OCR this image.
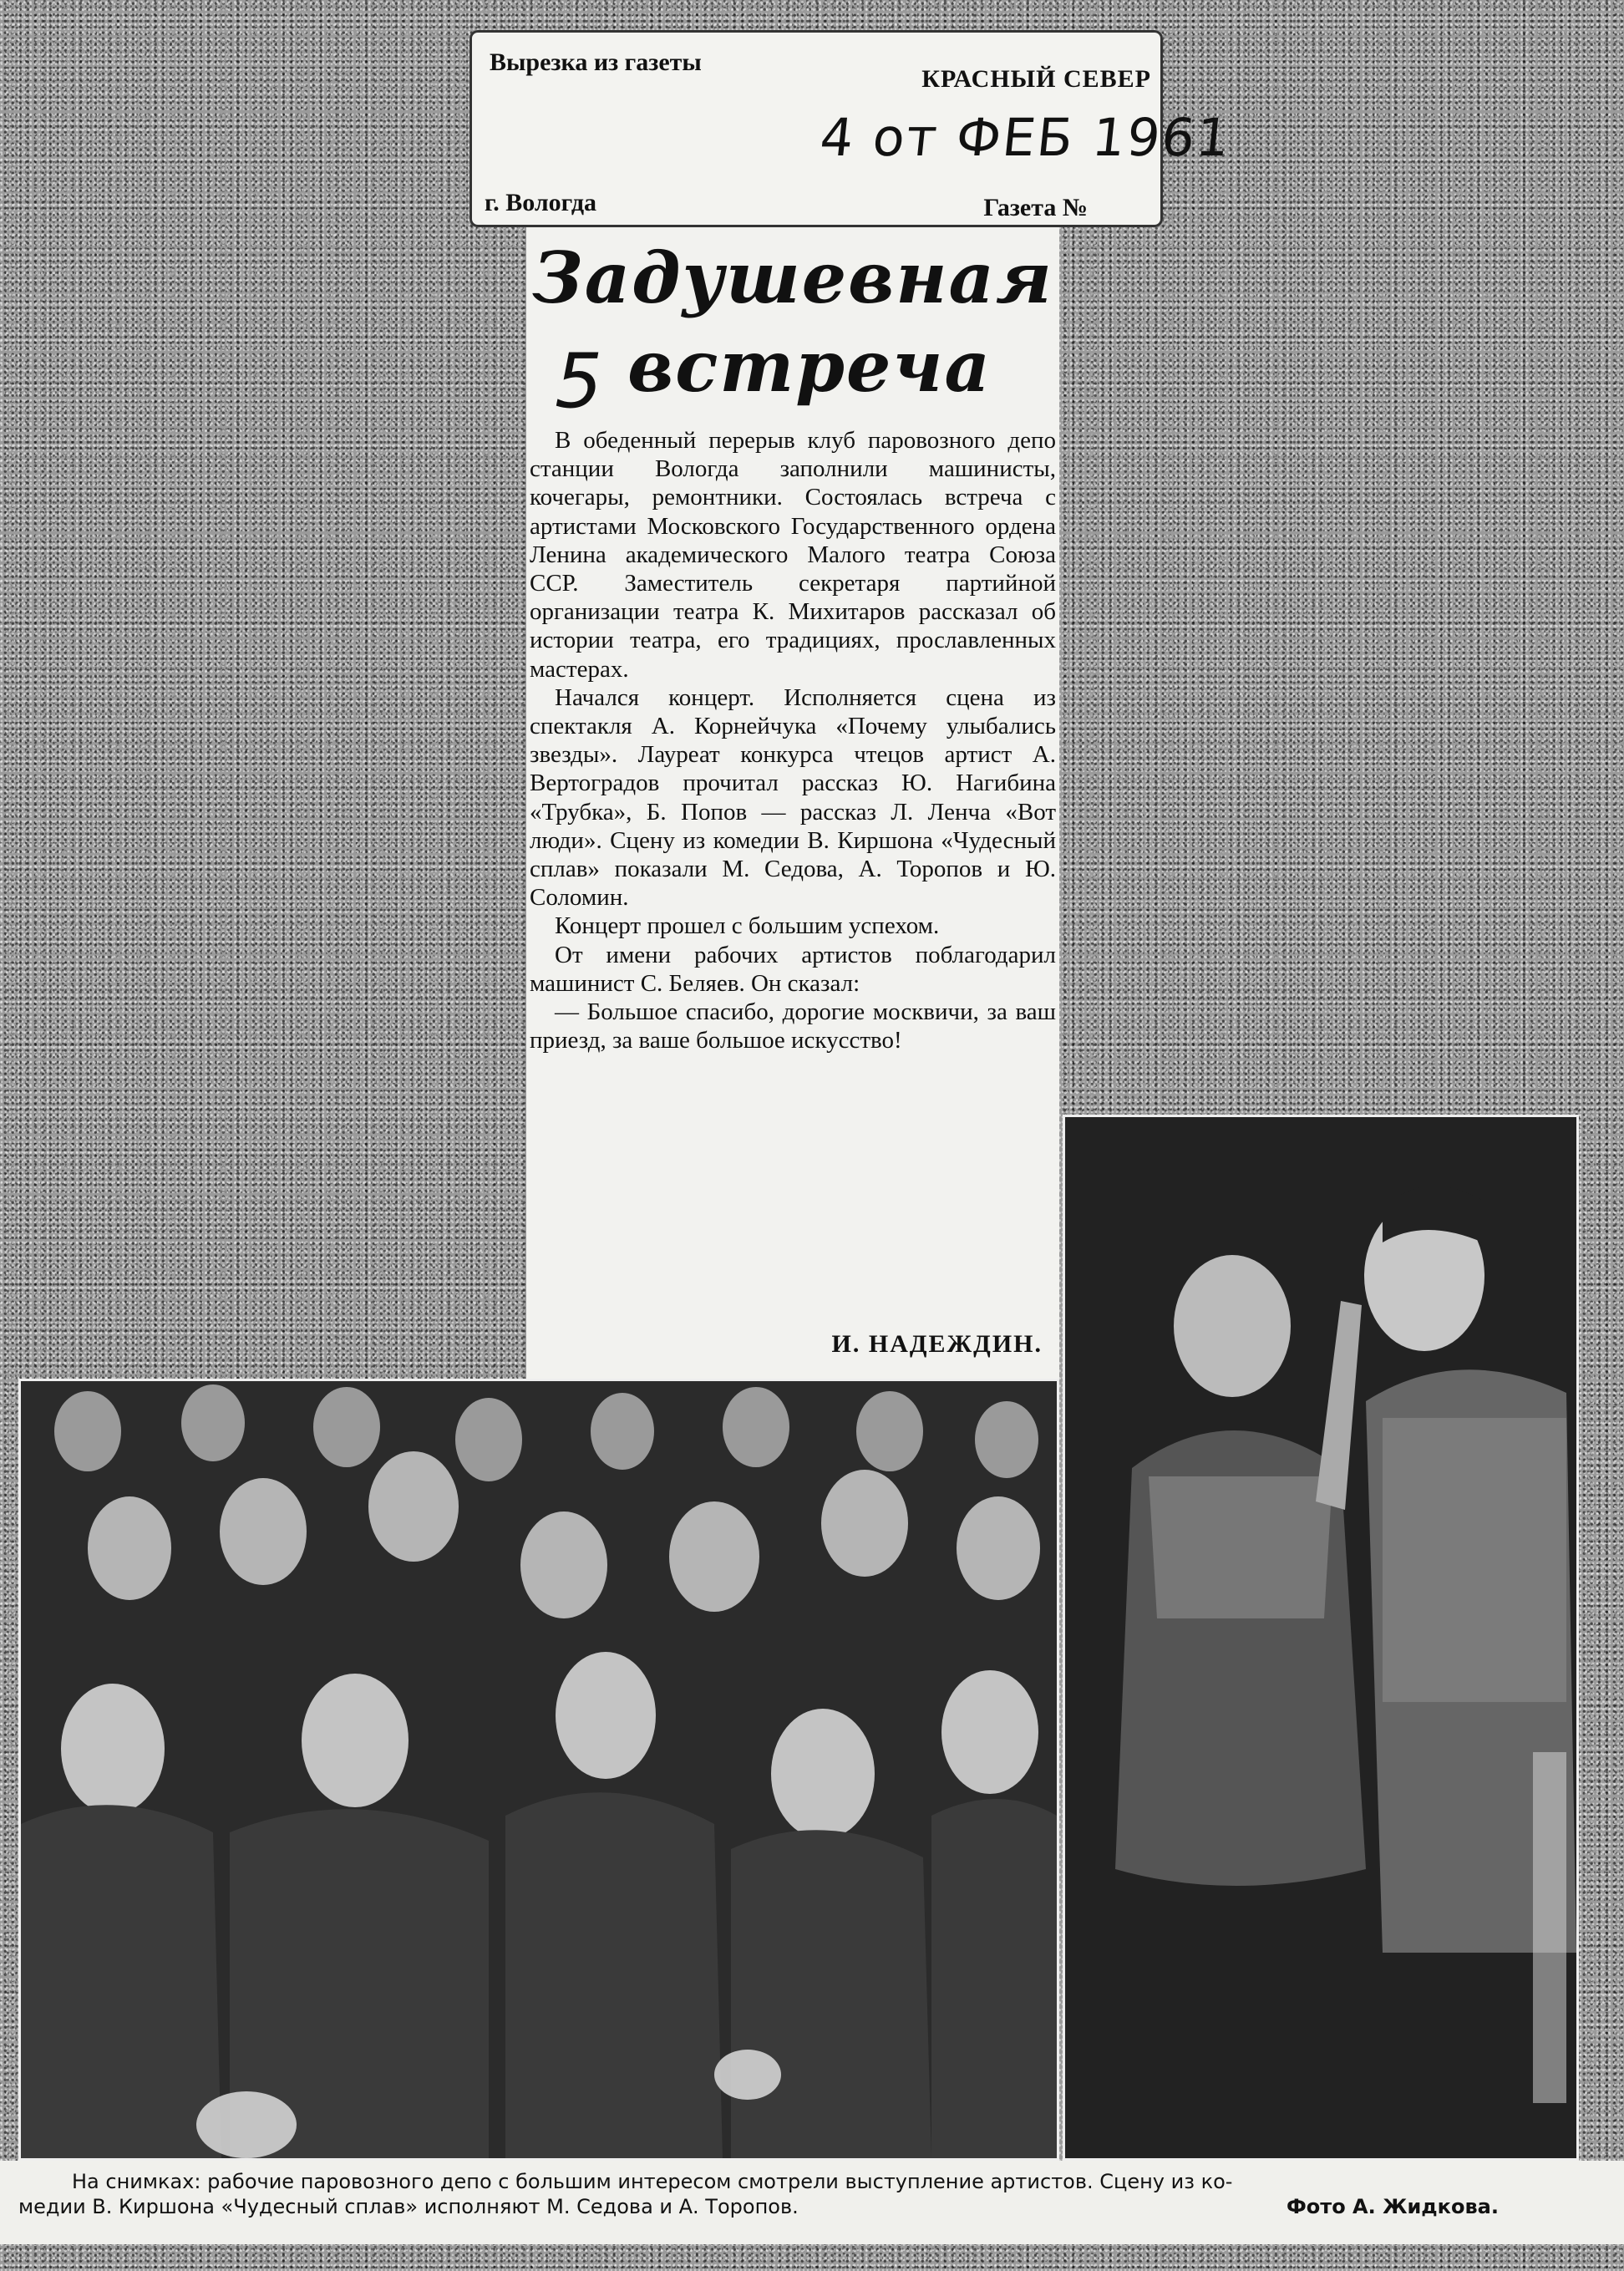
Вырезка из газеты
КРАСНЫЙ СЕВЕР
4 от ФЕБ 1961
г. Вологда	Газета №
Задушевная
встреча
5

В обеденный перерыв клуб паровозного депо станции Вологда заполнили машинисты, кочегары, ремонтники. Состоялась встреча с артистами Московского Государственного ордена Ленина академического Малого театра Союза ССР. Заместитель секретаря партийной организации театра К. Михитаров рассказал об истории театра, его традициях, прославленных мастерах.

Начался концерт. Исполняется сцена из спектакля А. Корнейчука «Почему улыбались звезды». Лауреат конкурса чтецов артист А. Вертоградов прочитал рассказ Ю. Нагибина «Трубка», Б. Попов — рассказ Л. Ленча «Вот люди». Сцену из комедии В. Киршона «Чудесный сплав» показали М. Седова, А. Торопов и Ю. Соломин.

Концерт прошел с большим успехом.

От имени рабочих артистов поблагодарил машинист С. Беляев. Он сказал:

— Большое спасибо, дорогие москвичи, за ваш приезд, за ваше большое искусство!

И. НАДЕЖДИН.
На снимках: рабочие паровозного депо с большим интересом смотрели выступление артистов. Сцену из ко-
медии В. Киршона «Чудесный сплав» исполняют М. Седова и А. Торопов.	Фото А. Жидкова.
